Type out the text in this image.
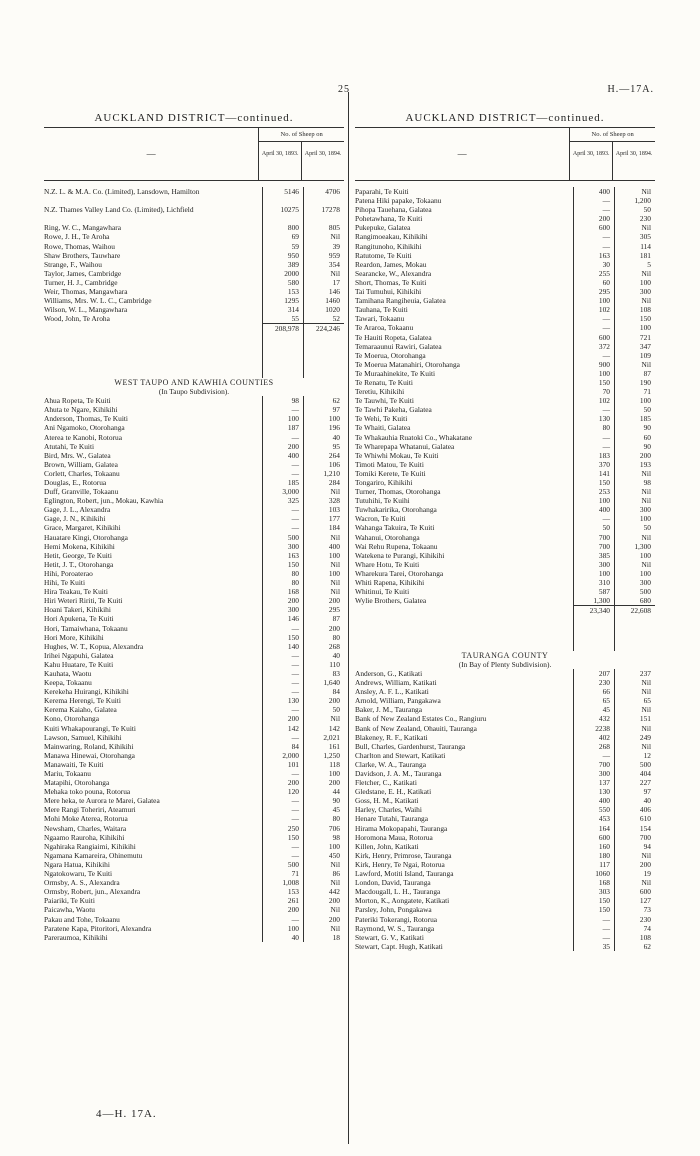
25	H.—17A.
AUCKLAND DISTRICT—continued.
—
No. of Sheep on
April 30, 1893.	April 30, 1894.
N.Z. L. & M.A. Co. (Limited), Lansdown, Hamilton	5146	4706
N.Z. Thames Valley Land Co. (Limited), Lichfield	10275	17278
Ring, W. C., Mangawhara	800	805
Rowe, J. H., Te Aroha	69	Nil
Rowe, Thomas, Waihou	59	39
Shaw Brothers, Tauwhare	950	959
Strange, F., Waihou	389	354
Taylor, James, Cambridge	2000	Nil
Turner, H. J., Cambridge	580	17
Weir, Thomas, Mangawhara	153	146
Williams, Mrs. W. L. C., Cambridge	1295	1460
Wilson, W. L., Mangawhara	314	1020
Wood, John, Te Aroha	55	52
208,978	224,246
WEST TAUPO AND KAWHIA COUNTIES
(In Taupo Subdivision).
Ahua Ropeta, Te Kuiti	98	62
Ahuta te Ngare, Kihikihi	—	97
Anderson, Thomas, Te Kuiti	100	100
Ani Ngamoko, Otorohanga	187	196
Aterea te Kanobi, Rotorua	—	40
Atutahi, Te Kuiti	200	95
Bird, Mrs. W., Galatea	400	264
Brown, William, Galatea	—	106
Corlett, Charles, Tokaanu	—	1,210
Douglas, E., Rotorua	185	284
Duff, Granville, Tokaanu	3,000	Nil
Eglington, Robert, jun., Mokau, Kawhia	325	328
Gage, J. L., Alexandra	—	103
Gage, J. N., Kihikihi	—	177
Grace, Margaret, Kihikihi	—	184
Hauatare Kingi, Otorohanga	500	Nil
Hemi Mokena, Kihikihi	300	400
Hetit, George, Te Kuiti	163	100
Hetit, J. T., Otorohanga	150	Nil
Hihi, Poroaterao	80	100
Hihi, Te Kuiti	80	Nil
Hira Teakau, Te Kuiti	168	Nil
Hiri Weteri Ririti, Te Kuiti	200	200
Hoani Takeri, Kihikihi	300	295
Hori Apukena, Te Kuiti	146	87
Hori, Tamaiwhana, Tokaanu	—	200
Hori More, Kihikihi	150	80
Hughes, W. T., Kopua, Alexandra	140	268
Irihei Ngapuhi, Galatea	—	40
Kahu Huatare, Te Kuiti	—	110
Kauhata, Waotu	—	83
Keepa, Tokaanu	—	1,640
Kerekeha Huirangi, Kihikihi	—	84
Kerema Herengi, Te Kuiti	130	200
Kerema Kaiaho, Galatea	—	50
Kono, Otorohanga	200	Nil
Kuiti Whakapourangi, Te Kuiti	142	142
Lawson, Samuel, Kihikihi	—	2,021
Mainwaring, Roland, Kihikihi	84	161
Manawa Hinewai, Otorohanga	2,000	1,250
Manawaiti, Te Kuiti	101	118
Mariu, Tokaanu	—	100
Matapihi, Otorohanga	200	200
Mehaka toko pouna, Rotorua	120	44
Mere heka, te Aurora te Marei, Galatea	—	90
Mere Rangi Toheriri, Ateamuri	—	45
Mohi Moke Aterea, Rotorua	—	80
Newsham, Charles, Waitara	250	706
Ngaamo Rauroha, Kihikihi	150	98
Ngahiraka Rangiaimi, Kihikihi	—	100
Ngamana Kamareira, Ohinemutu	—	450
Ngara Hatua, Kihikihi	500	Nil
Ngatokowaru, Te Kuiti	71	86
Ormsby, A. S., Alexandra	1,008	Nil
Ormsby, Robert, jun., Alexandra	153	442
Paiariki, Te Kuiti	261	200
Paicawha, Waotu	200	Nil
Pakau and Tohe, Tokaanu	—	200
Paratene Kapa, Pitoritori, Alexandra	100	Nil
Pareraumoa, Kihikihi	40	18
AUCKLAND DISTRICT—continued.
—
No. of Sheep on
April 30, 1893.	April 30, 1894.
Paparahi, Te Kuiti	400	Nil
Patena Hiki papake, Tokaanu	—	1,200
Pihopa Tauehana, Galatea	—	50
Pohetawhana, Te Kuiti	200	230
Pukepuke, Galatea	600	Nil
Rangimoeakau, Kihikihi	—	305
Rangitunoho, Kihikihi	—	114
Ratutome, Te Kuiti	163	181
Reardon, James, Mokau	30	5
Searancke, W., Alexandra	255	Nil
Short, Thomas, Te Kuiti	60	100
Tai Tumuhui, Kihikihi	295	300
Tamihana Rangiheuia, Galatea	100	Nil
Tauhana, Te Kuiti	102	108
Tawari, Tokaanu	—	150
Te Araroa, Tokaanu	—	100
Te Hauiti Ropeta, Galatea	600	721
Temaraaunui Rawiri, Galatea	372	347
Te Moerua, Otorohanga	—	109
Te Moerua Matanahiri, Otorohanga	900	Nil
Te Muraahinekite, Te Kuiti	100	87
Te Renatu, Te Kuiti	150	190
Teretiu, Kihikihi	70	71
Te Tauwhi, Te Kuiti	102	100
Te Tawhi Pakeha, Galatea	—	50
Te Wehi, Te Kuiti	130	185
Te Whaiti, Galatea	80	90
Te Whakauhia Ruatoki Co., Whakatane	—	60
Te Wharepapa Whatanui, Galatea	—	90
Te Whiwhi Mokau, Te Kuiti	183	200
Timoti Matou, Te Kuiti	370	193
Tomiki Kerete, Te Kuiti	141	Nil
Tongariro, Kihikihi	150	98
Turner, Thomas, Otorohanga	253	Nil
Tutuhihi, Te Kuihi	100	Nil
Tuwhakaririka, Otorohanga	400	300
Wacron, Te Kuiti	—	100
Wahanga Takuira, Te Kuiti	50	50
Wahanui, Otorohanga	700	Nil
Wai Rehu Rupena, Tokaanu	700	1,300
Watekena te Purangi, Kihikihi	385	100
Whare Hotu, Te Kuiti	300	Nil
Wharekura Tarei, Otorohanga	100	100
Whiti Rapena, Kihikihi	310	300
Whitinui, Te Kuiti	587	500
Wylie Brothers, Galatea	1,300	680
23,340	22,608
TAURANGA COUNTY
(In Bay of Plenty Subdivision).
Anderson, G., Katikati	207	237
Andrews, William, Katikati	230	Nil
Ansley, A. F. L., Katikati	66	Nil
Arnold, William, Pangakawa	65	65
Baker, J. M., Tauranga	45	Nil
Bank of New Zealand Estates Co., Rangiuru	432	151
Bank of New Zealand, Ohauiti, Tauranga	2238	Nil
Blakeney, R. F., Katikati	402	249
Bull, Charles, Gardenhurst, Tauranga	268	Nil
Charlton and Stewart, Katikati	—	12
Clarke, W. A., Tauranga	700	500
Davidson, J. A. M., Tauranga	300	404
Fletcher, C., Katikati	137	227
Gledstane, E. H., Katikati	130	97
Goss, H. M., Katikati	400	40
Harley, Charles, Waihi	550	406
Henare Tutahi, Tauranga	453	610
Hirama Mokopapahi, Tauranga	164	154
Horomona Maua, Rotorua	600	700
Killen, John, Katikati	160	94
Kirk, Henry, Primrose, Tauranga	180	Nil
Kirk, Henry, Te Ngai, Rotorua	117	200
Lawford, Motiti Island, Tauranga	1060	19
London, David, Tauranga	168	Nil
Macdougall, L. H., Tauranga	303	600
Morton, K., Aongatete, Katikati	150	127
Parsley, John, Pongakawa	150	73
Pateriki Tokerangi, Rotorua	—	230
Raymond, W. S., Tauranga	—	74
Stewart, G. V., Katikati	—	108
Stewart, Capt. Hugh, Katikati	35	62
4—H. 17A.
